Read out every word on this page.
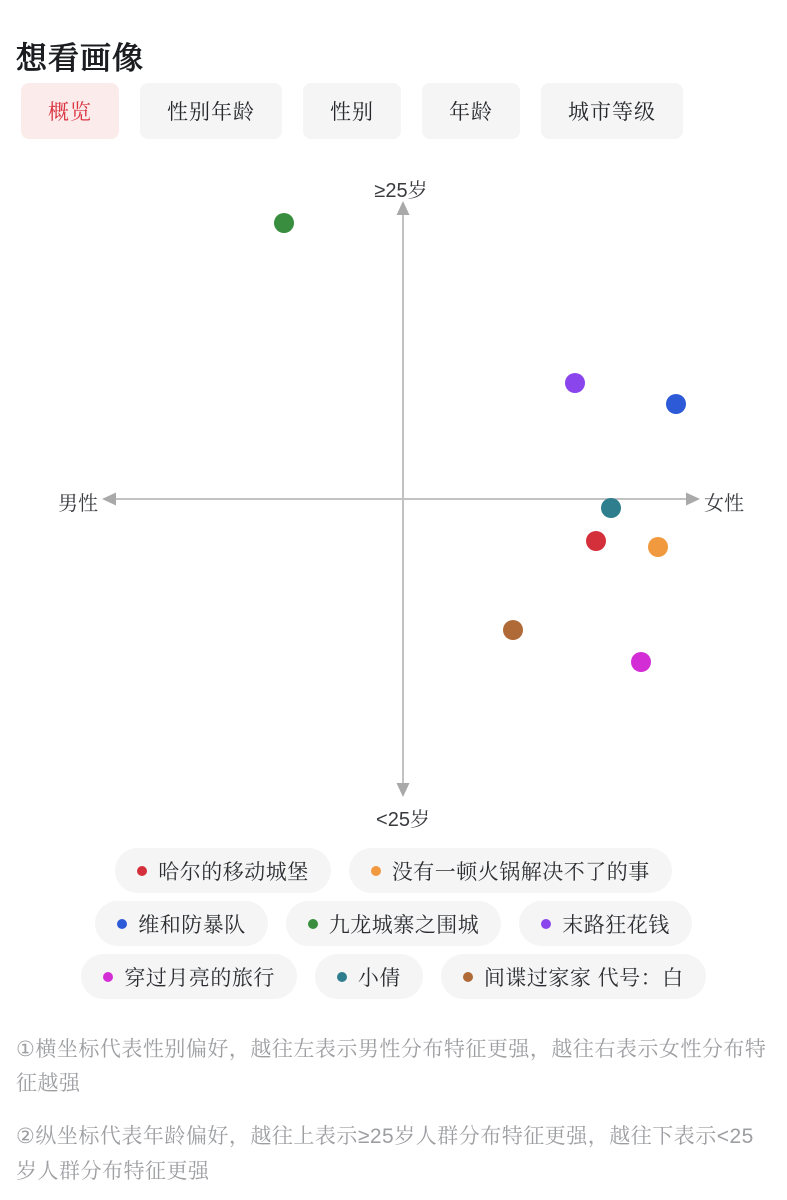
想看画像
概览	性别年龄	性别	年龄	城市等级
≥25岁
<25岁
男性	女性
哈尔的移动城堡	没有一顿火锅解决不了的事
维和防暴队	九龙城寨之围城	末路狂花钱
穿过月亮的旅行	小倩	间谍过家家 代号：白

①横坐标代表性别偏好，越往左表示男性分布特征更强，越往右表示女性分布特征越强

②纵坐标代表年龄偏好，越往上表示≥25岁人群分布特征更强，越往下表示<25岁人群分布特征更强
